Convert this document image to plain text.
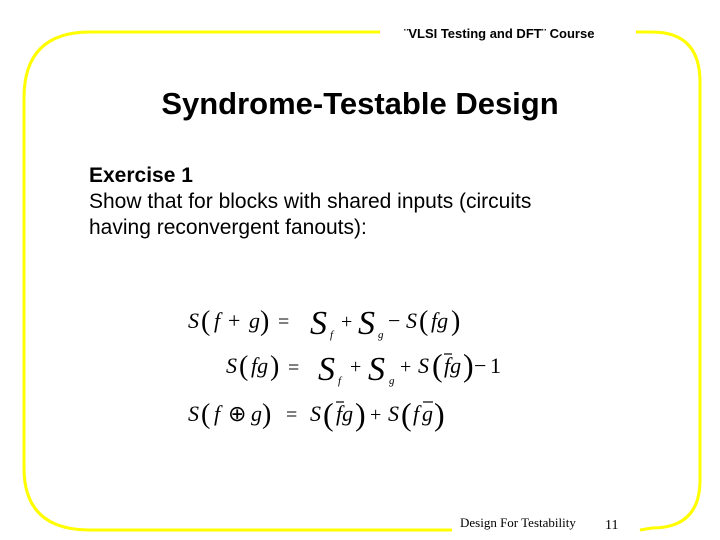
¨VLSI Testing and DFT¨ Course
Syndrome-Testable Design
Exercise 1
Show that for blocks with shared inputs (circuits
having reconvergent fanouts):
S ( f + g ) = S f
+ S g
− S ( fg )
S ( fg ) = S f
+ S g
+ S ( fg ) − 1
S ( f ⊕ g ) = S ( fg ) + S ( f g )
Design For Testability 11
